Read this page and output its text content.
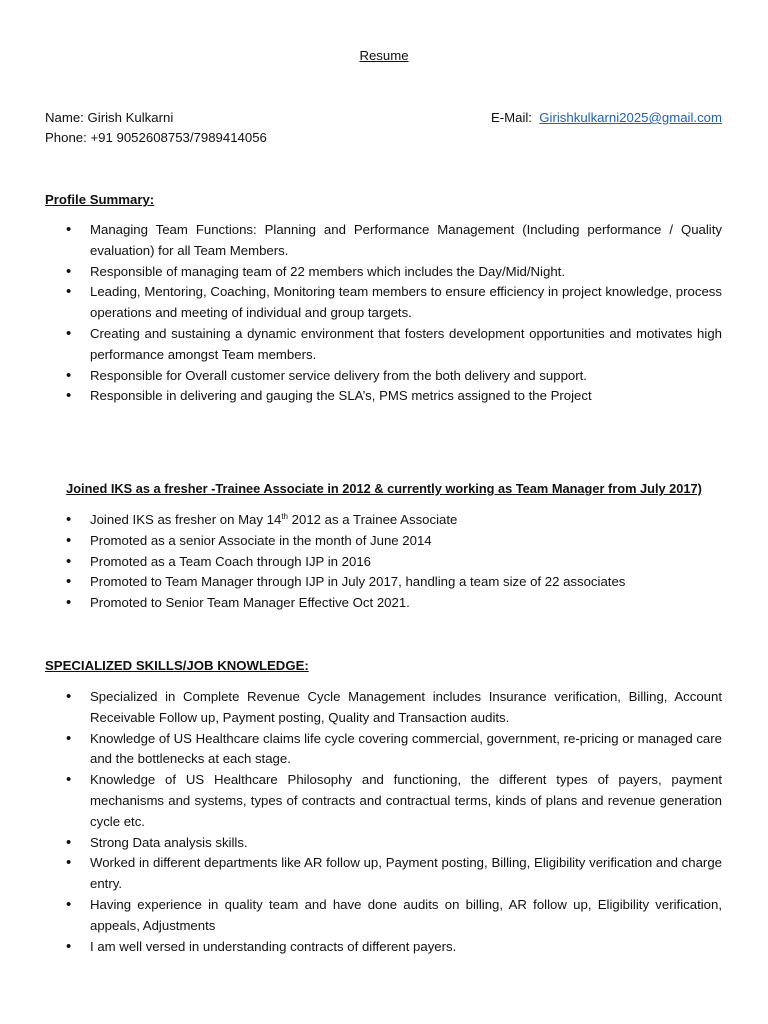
Resume
Name: Girish Kulkarni
Phone: +91 9052608753/7989414056
E-Mail: Girishkulkarni2025@gmail.com
Profile Summary:
• Managing Team Functions: Planning and Performance Management (Including performance / Quality evaluation) for all Team Members.
• Responsible of managing team of 22 members which includes the Day/Mid/Night.
• Leading, Mentoring, Coaching, Monitoring team members to ensure efficiency in project knowledge, process operations and meeting of individual and group targets.
• Creating and sustaining a dynamic environment that fosters development opportunities and motivates high performance amongst Team members.
• Responsible for Overall customer service delivery from the both delivery and support.
• Responsible in delivering and gauging the SLA’s, PMS metrics assigned to the Project
Joined IKS as a fresher -Trainee Associate in 2012 & currently working as Team Manager from July 2017)
• Joined IKS as fresher on May 14th 2012 as a Trainee Associate
• Promoted as a senior Associate in the month of June 2014
• Promoted as a Team Coach through IJP in 2016
• Promoted to Team Manager through IJP in July 2017, handling a team size of 22 associates
• Promoted to Senior Team Manager Effective Oct 2021.
SPECIALIZED SKILLS/JOB KNOWLEDGE:
• Specialized in Complete Revenue Cycle Management includes Insurance verification, Billing, Account Receivable Follow up, Payment posting, Quality and Transaction audits.
• Knowledge of US Healthcare claims life cycle covering commercial, government, re-pricing or managed care and the bottlenecks at each stage.
• Knowledge of US Healthcare Philosophy and functioning, the different types of payers, payment mechanisms and systems, types of contracts and contractual terms, kinds of plans and revenue generation cycle etc.
• Strong Data analysis skills.
• Worked in different departments like AR follow up, Payment posting, Billing, Eligibility verification and charge entry.
• Having experience in quality team and have done audits on billing, AR follow up, Eligibility verification, appeals, Adjustments
• I am well versed in understanding contracts of different payers.
